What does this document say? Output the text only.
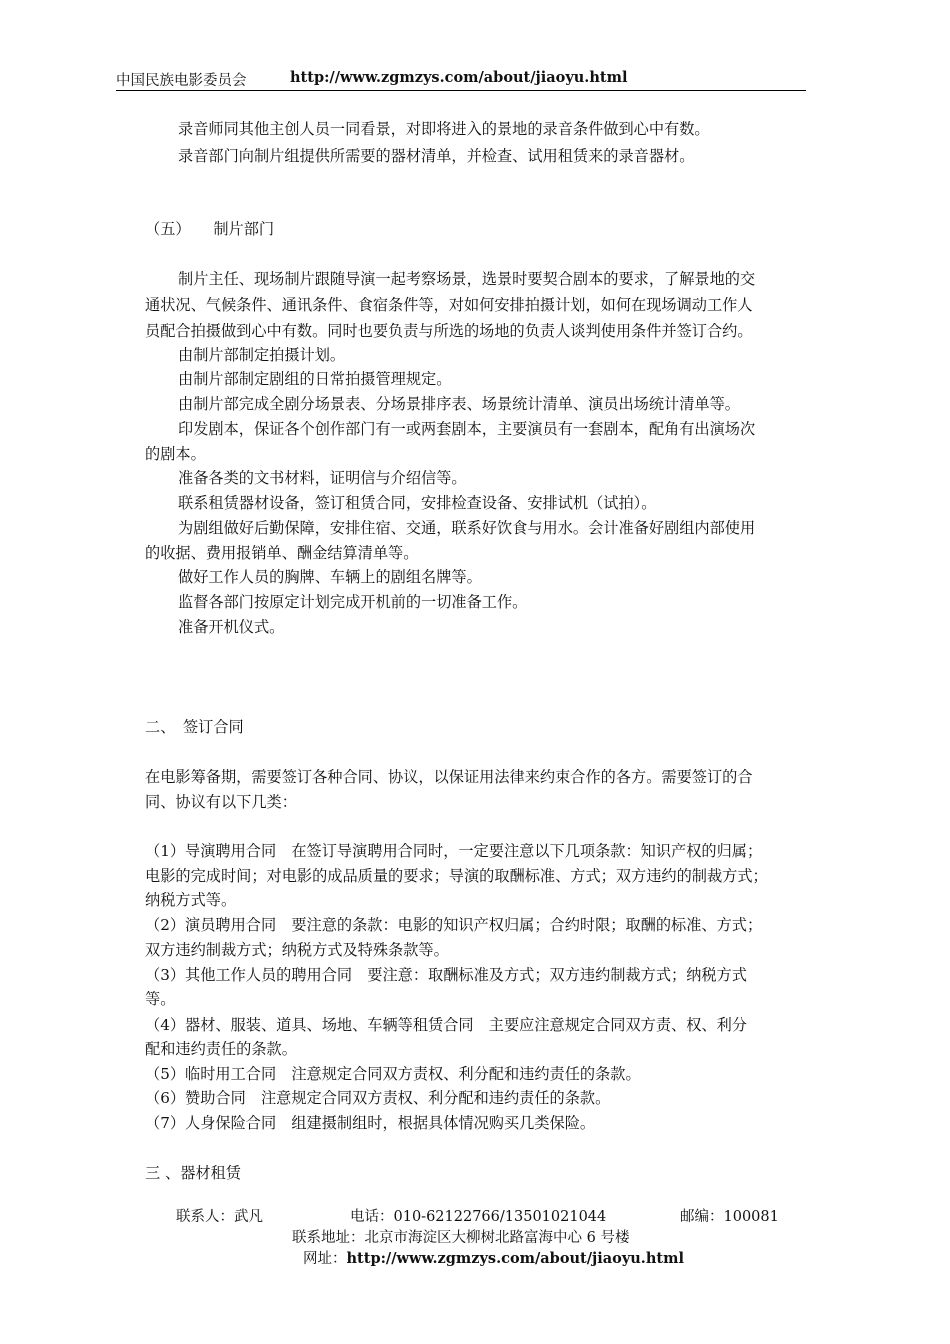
中国民族电影委员会	http://www.zgmzys.com/about/jiaoyu.html
录音师同其他主创人员一同看景，对即将进入的景地的录音条件做到心中有数。
录音部门向制片组提供所需要的器材清单，并检查、试用租赁来的录音器材。
（五）　　制片部门
制片主任、现场制片跟随导演一起考察场景，选景时要契合剧本的要求，了解景地的交
通状况、气候条件、通讯条件、食宿条件等，对如何安排拍摄计划，如何在现场调动工作人
员配合拍摄做到心中有数。同时也要负责与所选的场地的负责人谈判使用条件并签订合约。
由制片部制定拍摄计划。
由制片部制定剧组的日常拍摄管理规定。
由制片部完成全剧分场景表、分场景排序表、场景统计清单、演员出场统计清单等。
印发剧本，保证各个创作部门有一或两套剧本，主要演员有一套剧本，配角有出演场次
的剧本。
准备各类的文书材料，证明信与介绍信等。
联系租赁器材设备，签订租赁合同，安排检查设备、安排试机（试拍）。
为剧组做好后勤保障，安排住宿、交通，联系好饮食与用水。会计准备好剧组内部使用
的收据、费用报销单、酬金结算清单等。
做好工作人员的胸牌、车辆上的剧组名牌等。
监督各部门按原定计划完成开机前的一切准备工作。
准备开机仪式。
二、　签订合同
在电影筹备期，需要签订各种合同、协议，以保证用法律来约束合作的各方。需要签订的合
同、协议有以下几类：
（1）导演聘用合同　在签订导演聘用合同时，一定要注意以下几项条款：知识产权的归属；
电影的完成时间；对电影的成品质量的要求；导演的取酬标准、方式；双方违约的制裁方式；
纳税方式等。
（2）演员聘用合同　要注意的条款：电影的知识产权归属；合约时限；取酬的标准、方式；
双方违约制裁方式；纳税方式及特殊条款等。
（3）其他工作人员的聘用合同　要注意：取酬标准及方式；双方违约制裁方式；纳税方式
等。
（4）器材、服装、道具、场地、车辆等租赁合同　主要应注意规定合同双方责、权、利分
配和违约责任的条款。
（5）临时用工合同　注意规定合同双方责权、利分配和违约责任的条款。
（6）赞助合同　注意规定合同双方责权、利分配和违约责任的条款。
（7）人身保险合同　组建摄制组时，根据具体情况购买几类保险。
三 、器材租赁
联系人：武凡	电话：010-62122766/13501021044	邮编：100081
联系地址：北京市海淀区大柳树北路富海中心 6 号楼
网址：http://www.zgmzys.com/about/jiaoyu.html
